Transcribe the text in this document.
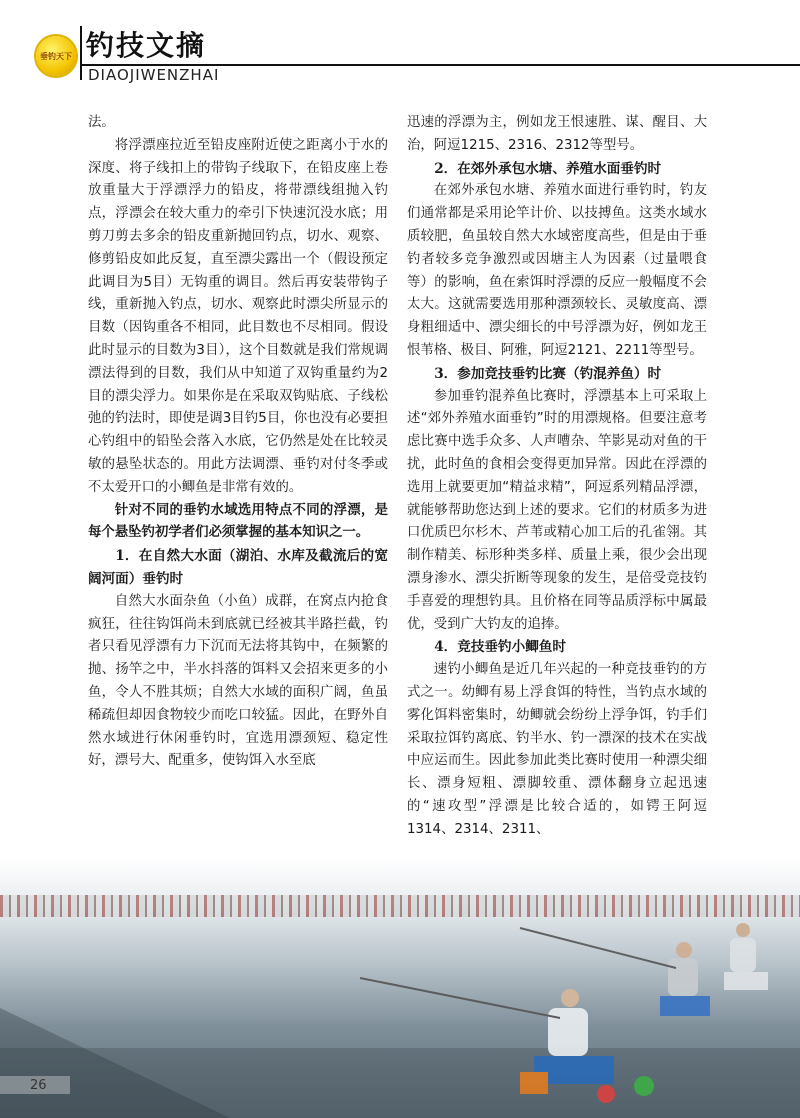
垂钓天下 钓技文摘
DIAOJIWENZHAI

法。

将浮漂座拉近至铅皮座附近使之距离小于水的深度、将子线扣上的带钩子线取下，在铅皮座上卷放重量大于浮漂浮力的铅皮，将带漂线组抛入钓点，浮漂会在较大重力的牵引下快速沉没水底；用剪刀剪去多余的铅皮重新抛回钓点，切水、观察、修剪铅皮如此反复，直至漂尖露出一个（假设预定此调目为5目）无钩重的调目。然后再安装带钩子线，重新抛入钓点，切水、观察此时漂尖所显示的目数（因钩重各不相同，此目数也不尽相同。假设此时显示的目数为3目），这个目数就是我们常规调漂法得到的目数，我们从中知道了双钩重量约为2目的漂尖浮力。如果你是在采取双钩贴底、子线松弛的钓法时，即使是调3目钓5目，你也没有必要担心钓组中的铅坠会落入水底，它仍然是处在比较灵敏的悬坠状态的。用此方法调漂、垂钓对付冬季或不太爱开口的小鲫鱼是非常有效的。

针对不同的垂钓水域选用特点不同的浮漂，是每个悬坠钓初学者们必须掌握的基本知识之一。

1．在自然大水面（湖泊、水库及截流后的宽阔河面）垂钓时

自然大水面杂鱼（小鱼）成群，在窝点内抢食疯狂，往往钩饵尚未到底就已经被其半路拦截，钓者只看见浮漂有力下沉而无法将其钩中，在频繁的抛、扬竿之中，半水抖落的饵料又会招来更多的小鱼，令人不胜其烦；自然大水域的面积广阔，鱼虽稀疏但却因食物较少而吃口较猛。因此，在野外自然水域进行休闲垂钓时，宜选用漂颈短、稳定性好，漂号大、配重多，使钩饵入水至底

迅速的浮漂为主，例如龙王恨速胜、谋、醒目、大治，阿逗1215、2316、2312等型号。

2．在郊外承包水塘、养殖水面垂钓时

在郊外承包水塘、养殖水面进行垂钓时，钓友们通常都是采用论竿计价、以技搏鱼。这类水域水质较肥，鱼虽较自然大水域密度高些，但是由于垂钓者较多竞争激烈或因塘主人为因素（过量喂食等）的影响，鱼在索饵时浮漂的反应一般幅度不会太大。这就需要选用那种漂颈较长、灵敏度高、漂身粗细适中、漂尖细长的中号浮漂为好，例如龙王恨苇格、极目、阿雅，阿逗2121、2211等型号。

3．参加竞技垂钓比赛（钓混养鱼）时

参加垂钓混养鱼比赛时，浮漂基本上可采取上述“郊外养殖水面垂钓”时的用漂规格。但要注意考虑比赛中选手众多、人声嘈杂、竿影晃动对鱼的干扰，此时鱼的食相会变得更加异常。因此在浮漂的选用上就要更加“精益求精”，阿逗系列精品浮漂，就能够帮助您达到上述的要求。它们的材质多为进口优质巴尔杉木、芦苇或精心加工后的孔雀翎。其制作精美、标形种类多样、质量上乘，很少会出现漂身渗水、漂尖折断等现象的发生，是倍受竞技钓手喜爱的理想钓具。且价格在同等品质浮标中属最优，受到广大钓友的追捧。

4．竞技垂钓小鲫鱼时

速钓小鲫鱼是近几年兴起的一种竞技垂钓的方式之一。幼鲫有易上浮食饵的特性，当钓点水域的雾化饵料密集时，幼鲫就会纷纷上浮争饵，钓手们采取拉饵钓离底、钓半水、钓一漂深的技术在实战中应运而生。因此参加此类比赛时使用一种漂尖细长、漂身短粗、漂脚较重、漂体翻身立起迅速的“速攻型”浮漂是比较合适的，如锷王阿逗1314、2314、2311、

26
